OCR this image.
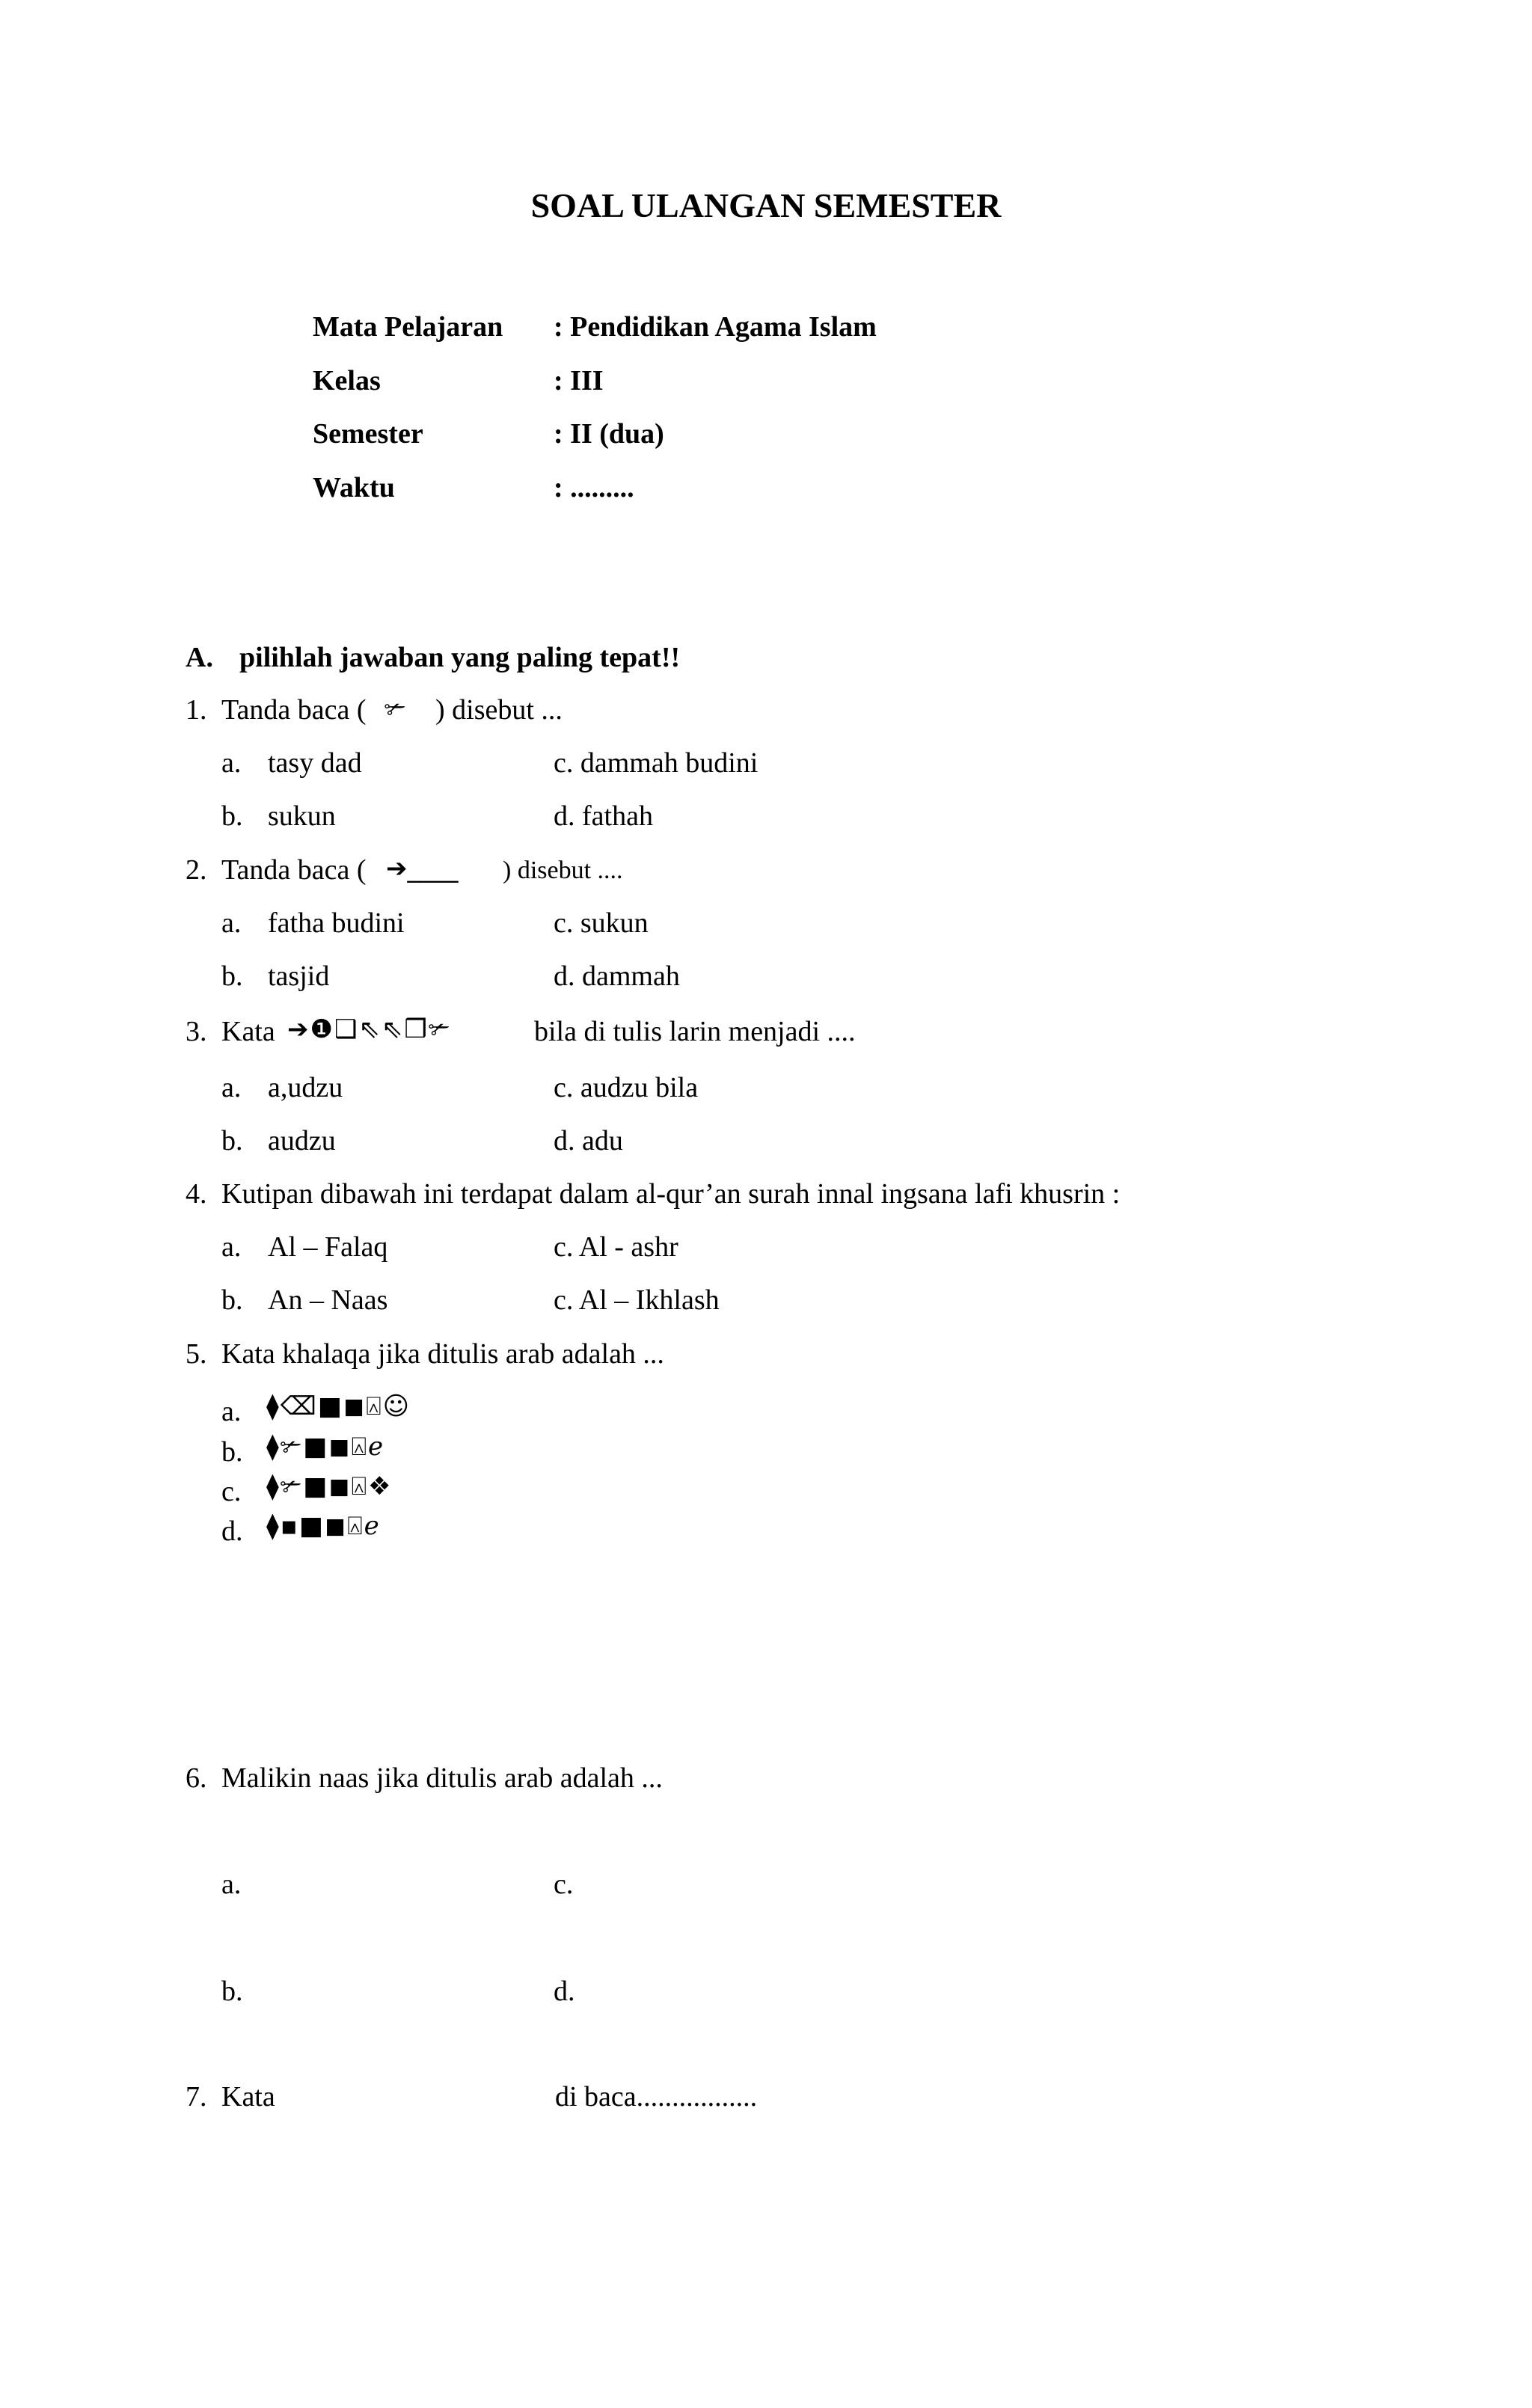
SOAL ULANGAN SEMESTER
Mata Pelajaran : Pendidikan Agama Islam
Kelas	: III
Semester	: II (dua)
Waktu	: .........
A. pilihlah jawaban yang paling tepat!!
1. Tanda baca ( ✃ ) disebut ...
a. tasy dad	c. dammah budini
b. sukun	d. fathah
2. Tanda baca ( ➔____ ) disebut ....
a. fatha budini	c. sukun
b. tasjid	d. dammah
3. Kata ➔❶❑⇖⇖❒✃	bila di tulis larin menjadi ....
a. a,udzu	c. audzu bila
b. audzu	d. adu
4. Kutipan dibawah ini terdapat dalam al-qur’an surah innal ingsana lafi khusrin :
a. Al – Falaq	c. Al - ashr
b. An – Naas	c. Al – Ikhlash
5. Kata khalaqa jika ditulis arab adalah ...
a. ⧫⌫■◼⍓☺
b. ⧫✃■◼⍓ℯ
c. ⧫✃■◼⍓❖
d. ⧫▪■◼⍓ℯ
6. Malikin naas jika ditulis arab adalah ...
a.	c.
b.	d.
7. Kata	di baca.................
